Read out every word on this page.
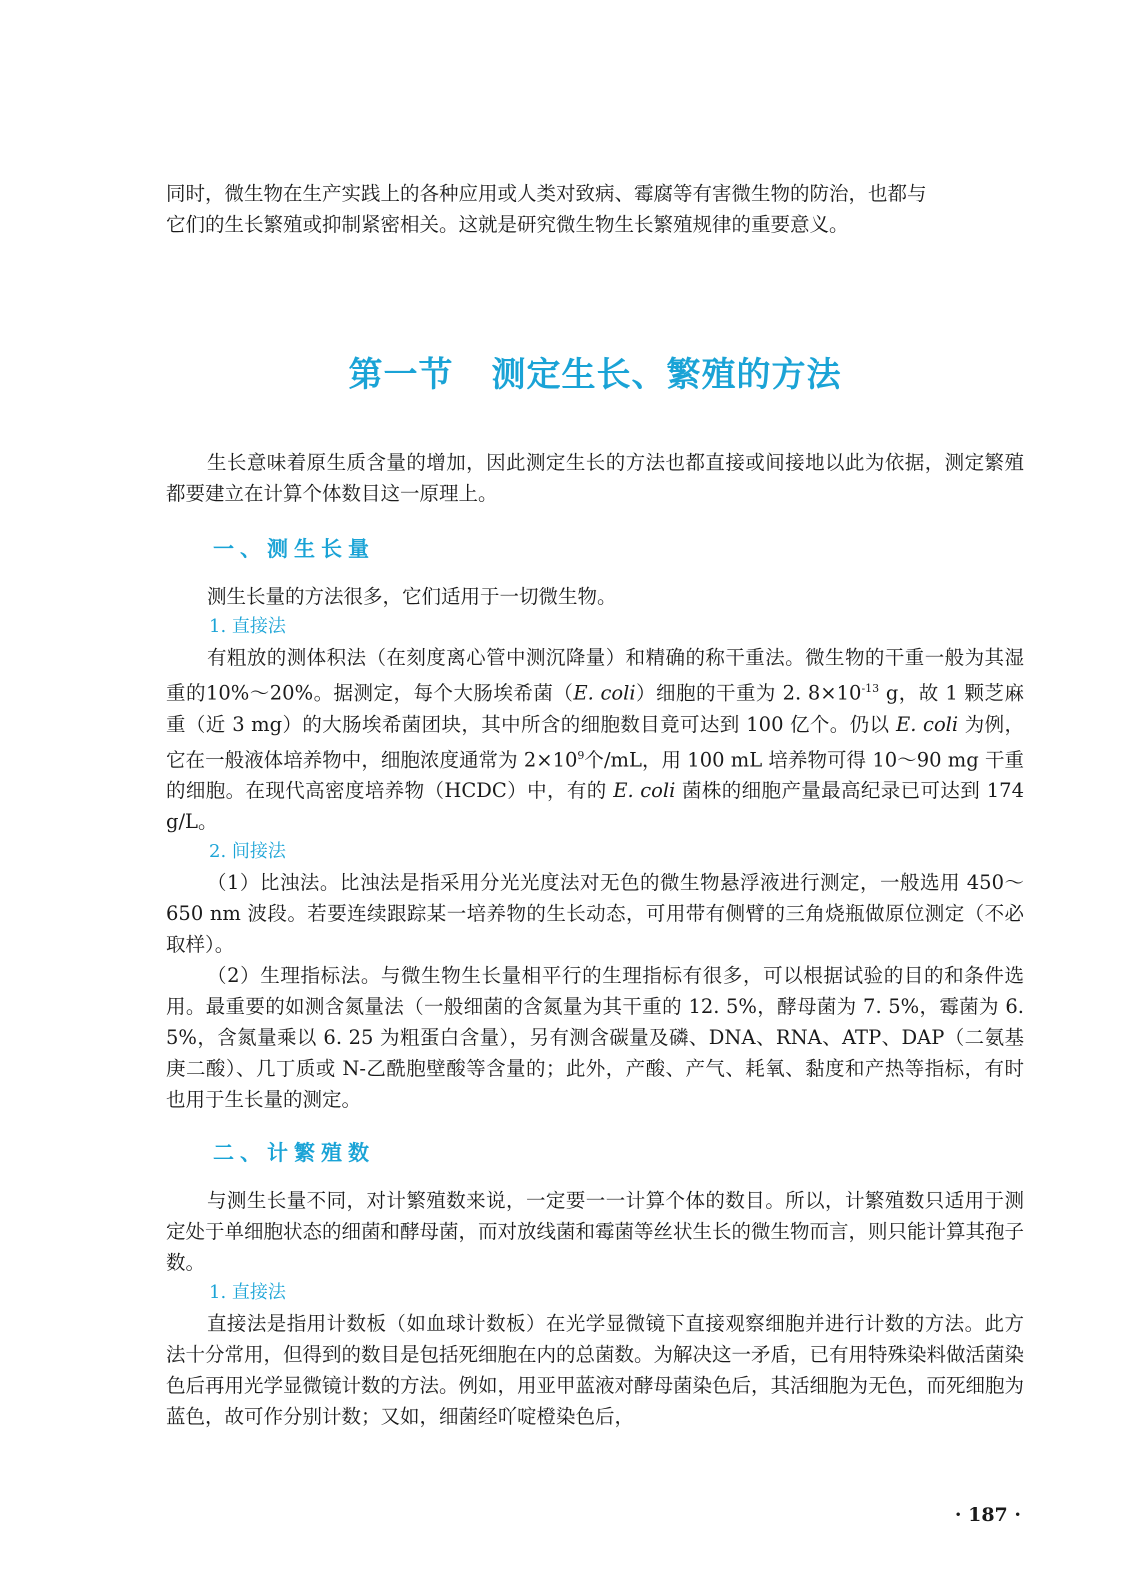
同时，微生物在生产实践上的各种应用或人类对致病、霉腐等有害微生物的防治，也都与

它们的生长繁殖或抑制紧密相关。这就是研究微生物生长繁殖规律的重要意义。

第一节 测定生长、繁殖的方法

生长意味着原生质含量的增加，因此测定生长的方法也都直接或间接地以此为依据，测定繁殖都要建立在计算个体数目这一原理上。

一、测生长量

测生长量的方法很多，它们适用于一切微生物。

1. 直接法

有粗放的测体积法（在刻度离心管中测沉降量）和精确的称干重法。微生物的干重一般为其湿重的10%～20%。据测定，每个大肠埃希菌（E. coli）细胞的干重为 2. $8\times 10^{-13}$ g，故 1 颗芝麻重（近 3 mg）的大肠埃希菌团块，其中所含的细胞数目竟可达到 100 亿个。仍以 E. coli 为例，它在一般液体培养物中，细胞浓度通常为 $2\times 10^9$个/mL，用 100 mL 培养物可得 10～90 mg 干重的细胞。在现代高密度培养物（HCDC）中，有的 E. coli 菌株的细胞产量最高纪录已可达到 174 g/L。

2. 间接法

（1）比浊法。比浊法是指采用分光光度法对无色的微生物悬浮液进行测定，一般选用 450～650 nm 波段。若要连续跟踪某一培养物的生长动态，可用带有侧臂的三角烧瓶做原位测定（不必取样）。

（2）生理指标法。与微生物生长量相平行的生理指标有很多，可以根据试验的目的和条件选用。最重要的如测含氮量法（一般细菌的含氮量为其干重的 12. 5%，酵母菌为 7. 5%，霉菌为 6. 5%，含氮量乘以 6. 25 为粗蛋白含量），另有测含碳量及磷、DNA、RNA、ATP、DAP（二氨基庚二酸）、几丁质或 N-乙酰胞壁酸等含量的；此外，产酸、产气、耗氧、黏度和产热等指标，有时也用于生长量的测定。

二、计繁殖数

与测生长量不同，对计繁殖数来说，一定要一一计算个体的数目。所以，计繁殖数只适用于测定处于单细胞状态的细菌和酵母菌，而对放线菌和霉菌等丝状生长的微生物而言，则只能计算其孢子数。

1. 直接法

直接法是指用计数板（如血球计数板）在光学显微镜下直接观察细胞并进行计数的方法。此方法十分常用，但得到的数目是包括死细胞在内的总菌数。为解决这一矛盾，已有用特殊染料做活菌染色后再用光学显微镜计数的方法。例如，用亚甲蓝液对酵母菌染色后，其活细胞为无色，而死细胞为蓝色，故可作分别计数；又如，细菌经吖啶橙染色后，

· 187 ·
